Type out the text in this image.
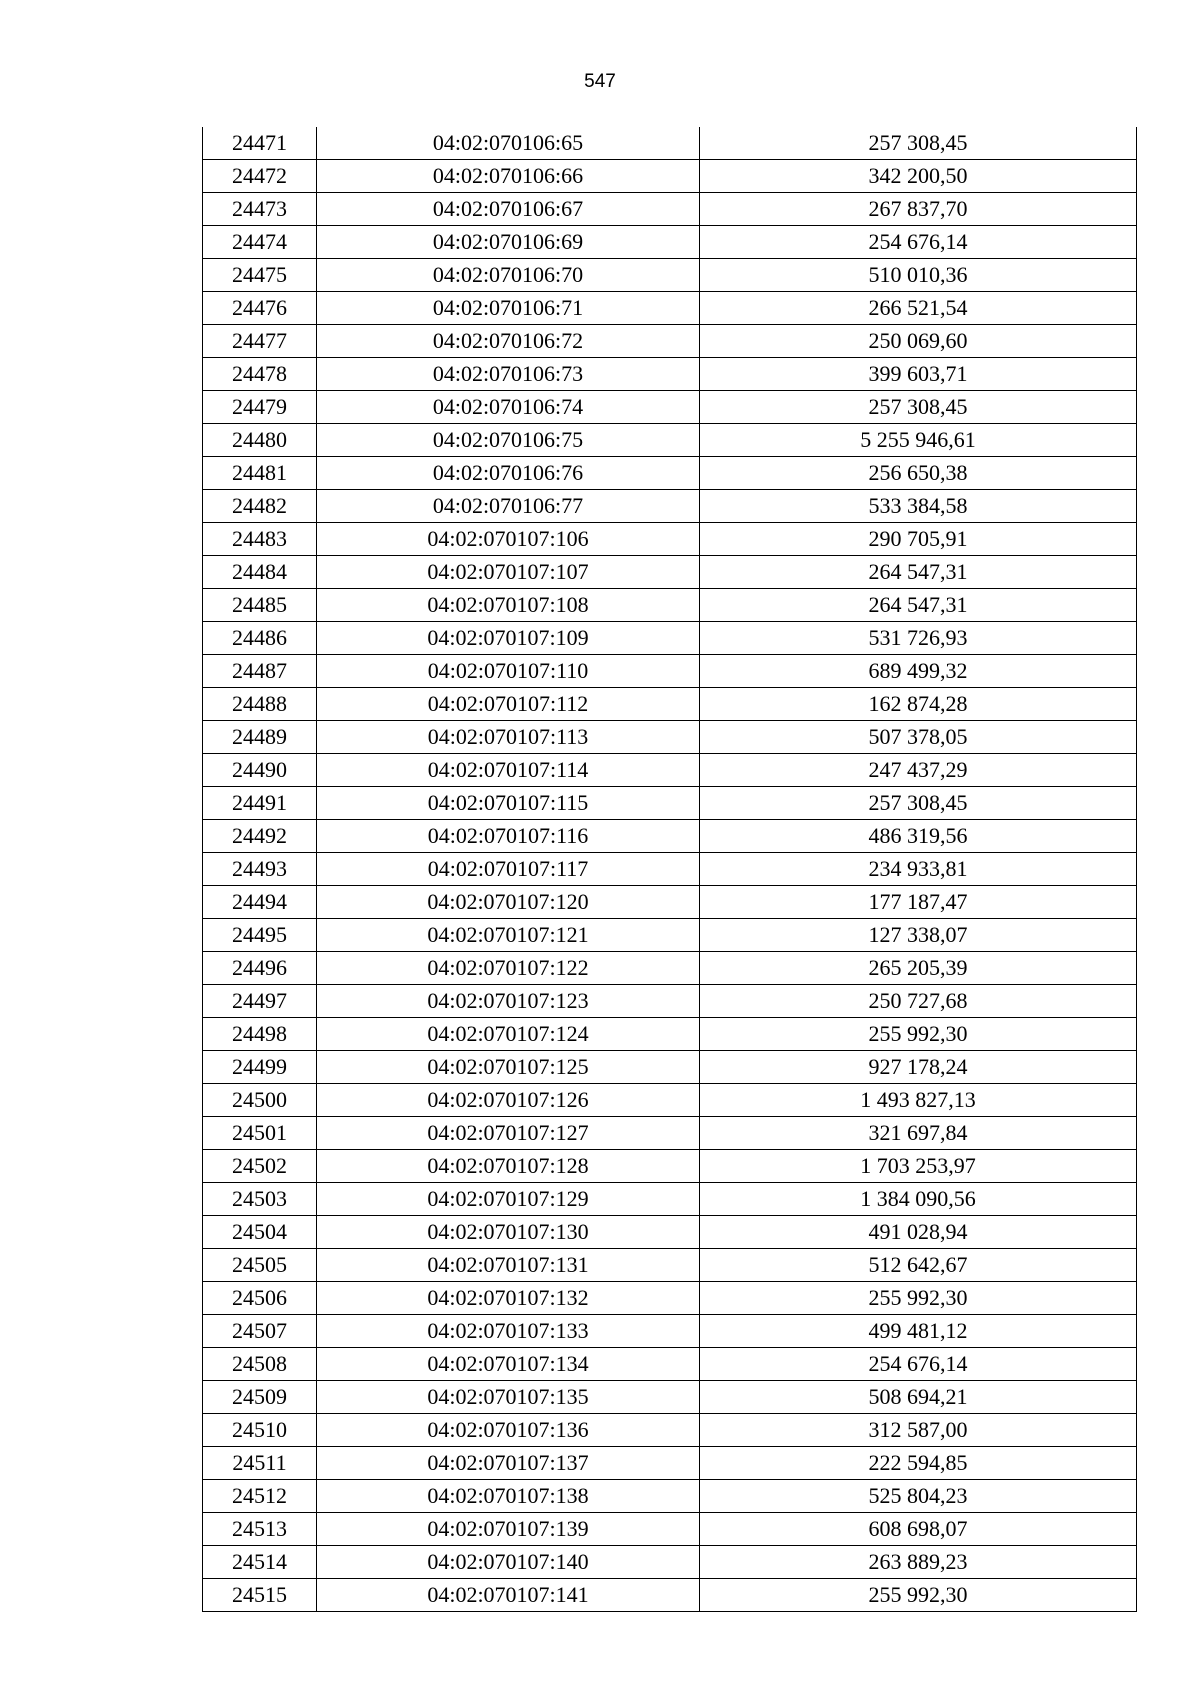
547
24471	04:02:070106:65	257 308,45
24472	04:02:070106:66	342 200,50
24473	04:02:070106:67	267 837,70
24474	04:02:070106:69	254 676,14
24475	04:02:070106:70	510 010,36
24476	04:02:070106:71	266 521,54
24477	04:02:070106:72	250 069,60
24478	04:02:070106:73	399 603,71
24479	04:02:070106:74	257 308,45
24480	04:02:070106:75	5 255 946,61
24481	04:02:070106:76	256 650,38
24482	04:02:070106:77	533 384,58
24483	04:02:070107:106	290 705,91
24484	04:02:070107:107	264 547,31
24485	04:02:070107:108	264 547,31
24486	04:02:070107:109	531 726,93
24487	04:02:070107:110	689 499,32
24488	04:02:070107:112	162 874,28
24489	04:02:070107:113	507 378,05
24490	04:02:070107:114	247 437,29
24491	04:02:070107:115	257 308,45
24492	04:02:070107:116	486 319,56
24493	04:02:070107:117	234 933,81
24494	04:02:070107:120	177 187,47
24495	04:02:070107:121	127 338,07
24496	04:02:070107:122	265 205,39
24497	04:02:070107:123	250 727,68
24498	04:02:070107:124	255 992,30
24499	04:02:070107:125	927 178,24
24500	04:02:070107:126	1 493 827,13
24501	04:02:070107:127	321 697,84
24502	04:02:070107:128	1 703 253,97
24503	04:02:070107:129	1 384 090,56
24504	04:02:070107:130	491 028,94
24505	04:02:070107:131	512 642,67
24506	04:02:070107:132	255 992,30
24507	04:02:070107:133	499 481,12
24508	04:02:070107:134	254 676,14
24509	04:02:070107:135	508 694,21
24510	04:02:070107:136	312 587,00
24511	04:02:070107:137	222 594,85
24512	04:02:070107:138	525 804,23
24513	04:02:070107:139	608 698,07
24514	04:02:070107:140	263 889,23
24515	04:02:070107:141	255 992,30
